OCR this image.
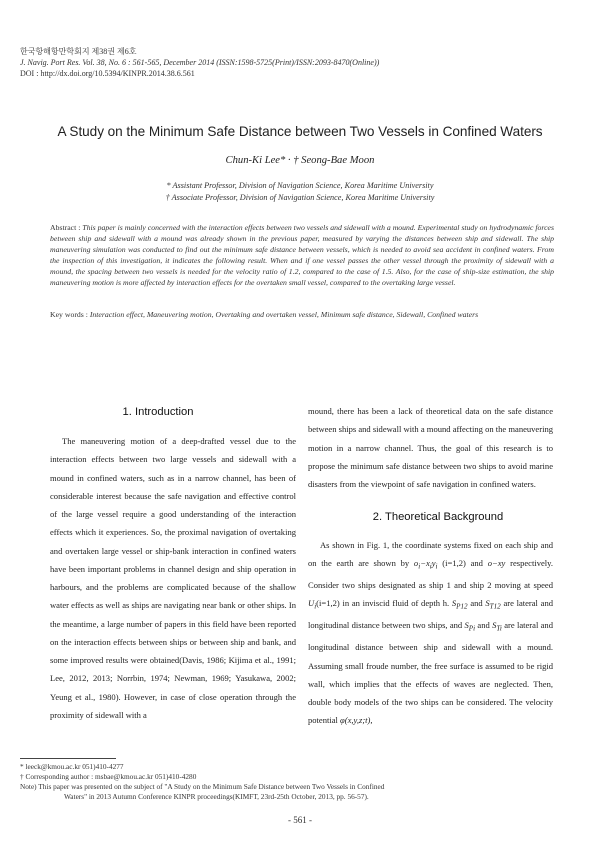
한국항해항만학회지 제38권 제6호
J. Navig. Port Res. Vol. 38, No. 6 : 561-565, December 2014 (ISSN:1598-5725(Print)/ISSN:2093-8470(Online))
DOI : http://dx.doi.org/10.5394/KINPR.2014.38.6.561
A Study on the Minimum Safe Distance between Two Vessels in Confined Waters
Chun-Ki Lee* · † Seong-Bae Moon
* Assistant Professor, Division of Navigation Science, Korea Maritime University
† Associate Professor, Division of Navigation Science, Korea Maritime University
Abstract : This paper is mainly concerned with the interaction effects between two vessels and sidewall with a mound. Experimental study on hydrodynamic forces between ship and sidewall with a mound was already shown in the previous paper, measured by varying the distances between ship and sidewall. The ship maneuvering simulation was conducted to find out the minimum safe distance between vessels, which is needed to avoid sea accident in confined waters. From the inspection of this investigation, it indicates the following result. When and if one vessel passes the other vessel through the proximity of sidewall with a mound, the spacing between two vessels is needed for the velocity ratio of 1.2, compared to the case of 1.5. Also, for the case of ship-size estimation, the ship maneuvering motion is more affected by interaction effects for the overtaken small vessel, compared to the overtaking large vessel.
Key words : Interaction effect, Maneuvering motion, Overtaking and overtaken vessel, Minimum safe distance, Sidewall, Confined waters
1. Introduction

The maneuvering motion of a deep-drafted vessel due to the interaction effects between two large vessels and sidewall with a mound in confined waters, such as in a narrow channel, has been of considerable interest because the safe navigation and effective control of the large vessel require a good understanding of the interaction effects which it experiences. So, the proximal navigation of overtaking and overtaken large vessel or ship-bank interaction in confined waters have been important problems in channel design and ship operation in harbours, and the problems are complicated because of the shallow water effects as well as ships are navigating near bank or other ships. In the meantime, a large number of papers in this field have been reported on the interaction effects between ships or between ship and bank, and some improved results were obtained(Davis, 1986; Kijima et al., 1991; Lee, 2012, 2013; Norrbin, 1974; Newman, 1969; Yasukawa, 2002; Yeung et al., 1980). However, in case of close operation through the proximity of sidewall with a

mound, there has been a lack of theoretical data on the safe distance between ships and sidewall with a mound affecting on the maneuvering motion in a narrow channel. Thus, the goal of this research is to propose the minimum safe distance between two ships to avoid marine disasters from the viewpoint of safe navigation in confined waters.

2. Theoretical Background

As shown in Fig. 1, the coordinate systems fixed on each ship and on the earth are shown by $o_i-x_iy_i$ (i=1,2) and o−xy respectively. Consider two ships designated as ship 1 and ship 2 moving at speed $U_i(i=1,2)$ in an inviscid fluid of depth h. $S_{P12}$ and $S_{T12}$ are lateral and longitudinal distance between two ships, and $S_{Pi}$ and $S_{Ti}$ are lateral and longitudinal distance between ship and sidewall with a mound. Assuming small froude number, the free surface is assumed to be rigid wall, which implies that the effects of waves are neglected. Then, double body models of the two ships can be considered. The velocity potential φ(x,y,z;t),

* leeck@kmou.ac.kr 051)410-4277
† Corresponding author : msbae@kmou.ac.kr 051)410-4280
Note) This paper was presented on the subject of "A Study on the Minimum Safe Distance between Two Vessels in Confined
Waters" in 2013 Autumn Conference KINPR proceedings(KIMFT, 23rd-25th October, 2013, pp. 56-57).
- 561 -
